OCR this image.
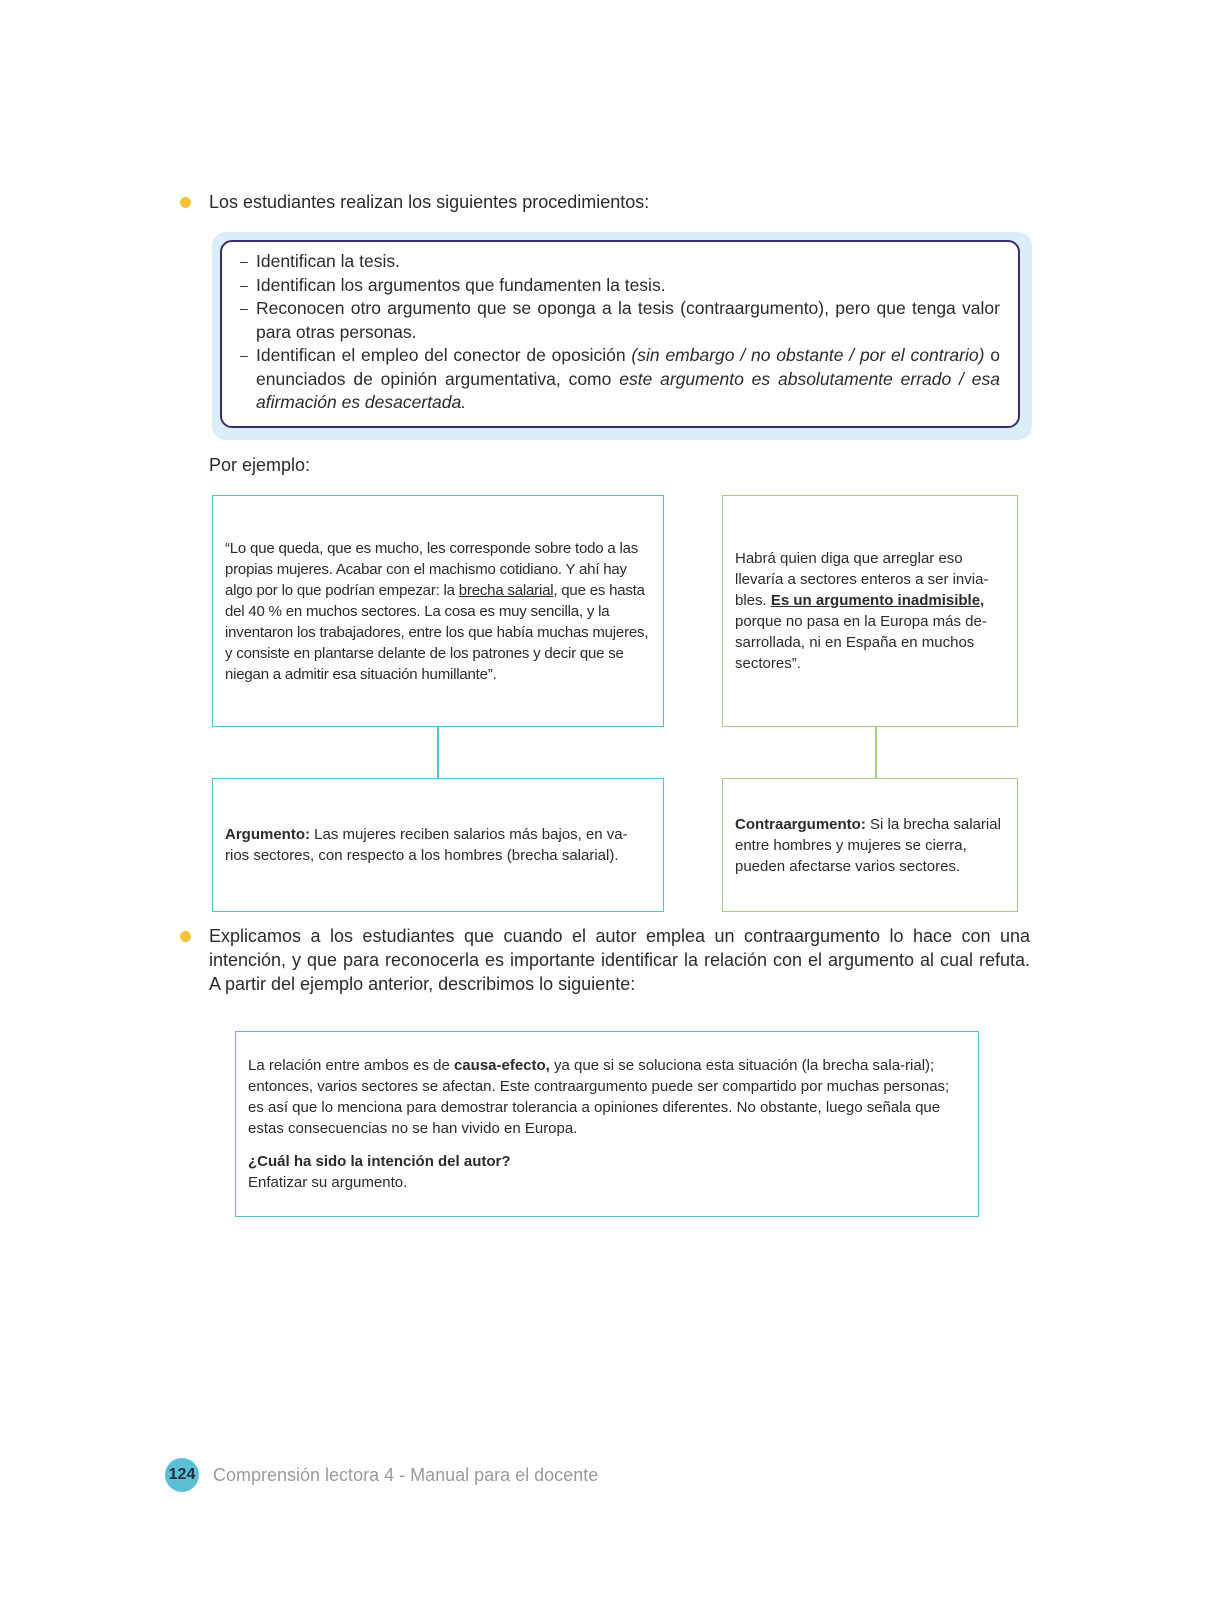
Los estudiantes realizan los siguientes procedimientos:
– Identifican la tesis.
– Identifican los argumentos que fundamenten la tesis.
– Reconocen otro argumento que se oponga a la tesis (contraargumento), pero que tenga valor para otras personas.
– Identifican el empleo del conector de oposición (sin embargo / no obstante / por el contrario) o enunciados de opinión argumentativa, como este argumento es absolutamente errado / esa afirmación es desacertada.
Por ejemplo:
“Lo que queda, que es mucho, les corresponde sobre todo a las propias mujeres. Acabar con el machismo cotidiano. Y ahí hay algo por lo que podrían empezar: la brecha salarial, que es hasta del 40 % en muchos sectores. La cosa es muy sencilla, y la inventaron los trabajadores, entre los que había muchas mujeres, y consiste en plantarse delante de los patrones y decir que se niegan a admitir esa situación humillante”.
Habrá quien diga que arreglar eso llevaría a sectores enteros a ser invia-bles. Es un argumento inadmisible, porque no pasa en la Europa más de-sarrollada, ni en España en muchos sectores”.
Argumento: Las mujeres reciben salarios más bajos, en va-rios sectores, con respecto a los hombres (brecha salarial).
Contraargumento: Si la brecha salarial entre hombres y mujeres se cierra, pueden afectarse varios sectores.
Explicamos a los estudiantes que cuando el autor emplea un contraargumento lo hace con una intención, y que para reconocerla es importante identificar la relación con el argumento al cual refuta. A partir del ejemplo anterior, describimos lo siguiente:
La relación entre ambos es de causa-efecto, ya que si se soluciona esta situación (la brecha sala-rial); entonces, varios sectores se afectan. Este contraargumento puede ser compartido por muchas personas; es así que lo menciona para demostrar tolerancia a opiniones diferentes. No obstante, luego señala que estas consecuencias no se han vivido en Europa.
¿Cuál ha sido la intención del autor?
Enfatizar su argumento.
124 Comprensión lectora 4 - Manual para el docente
